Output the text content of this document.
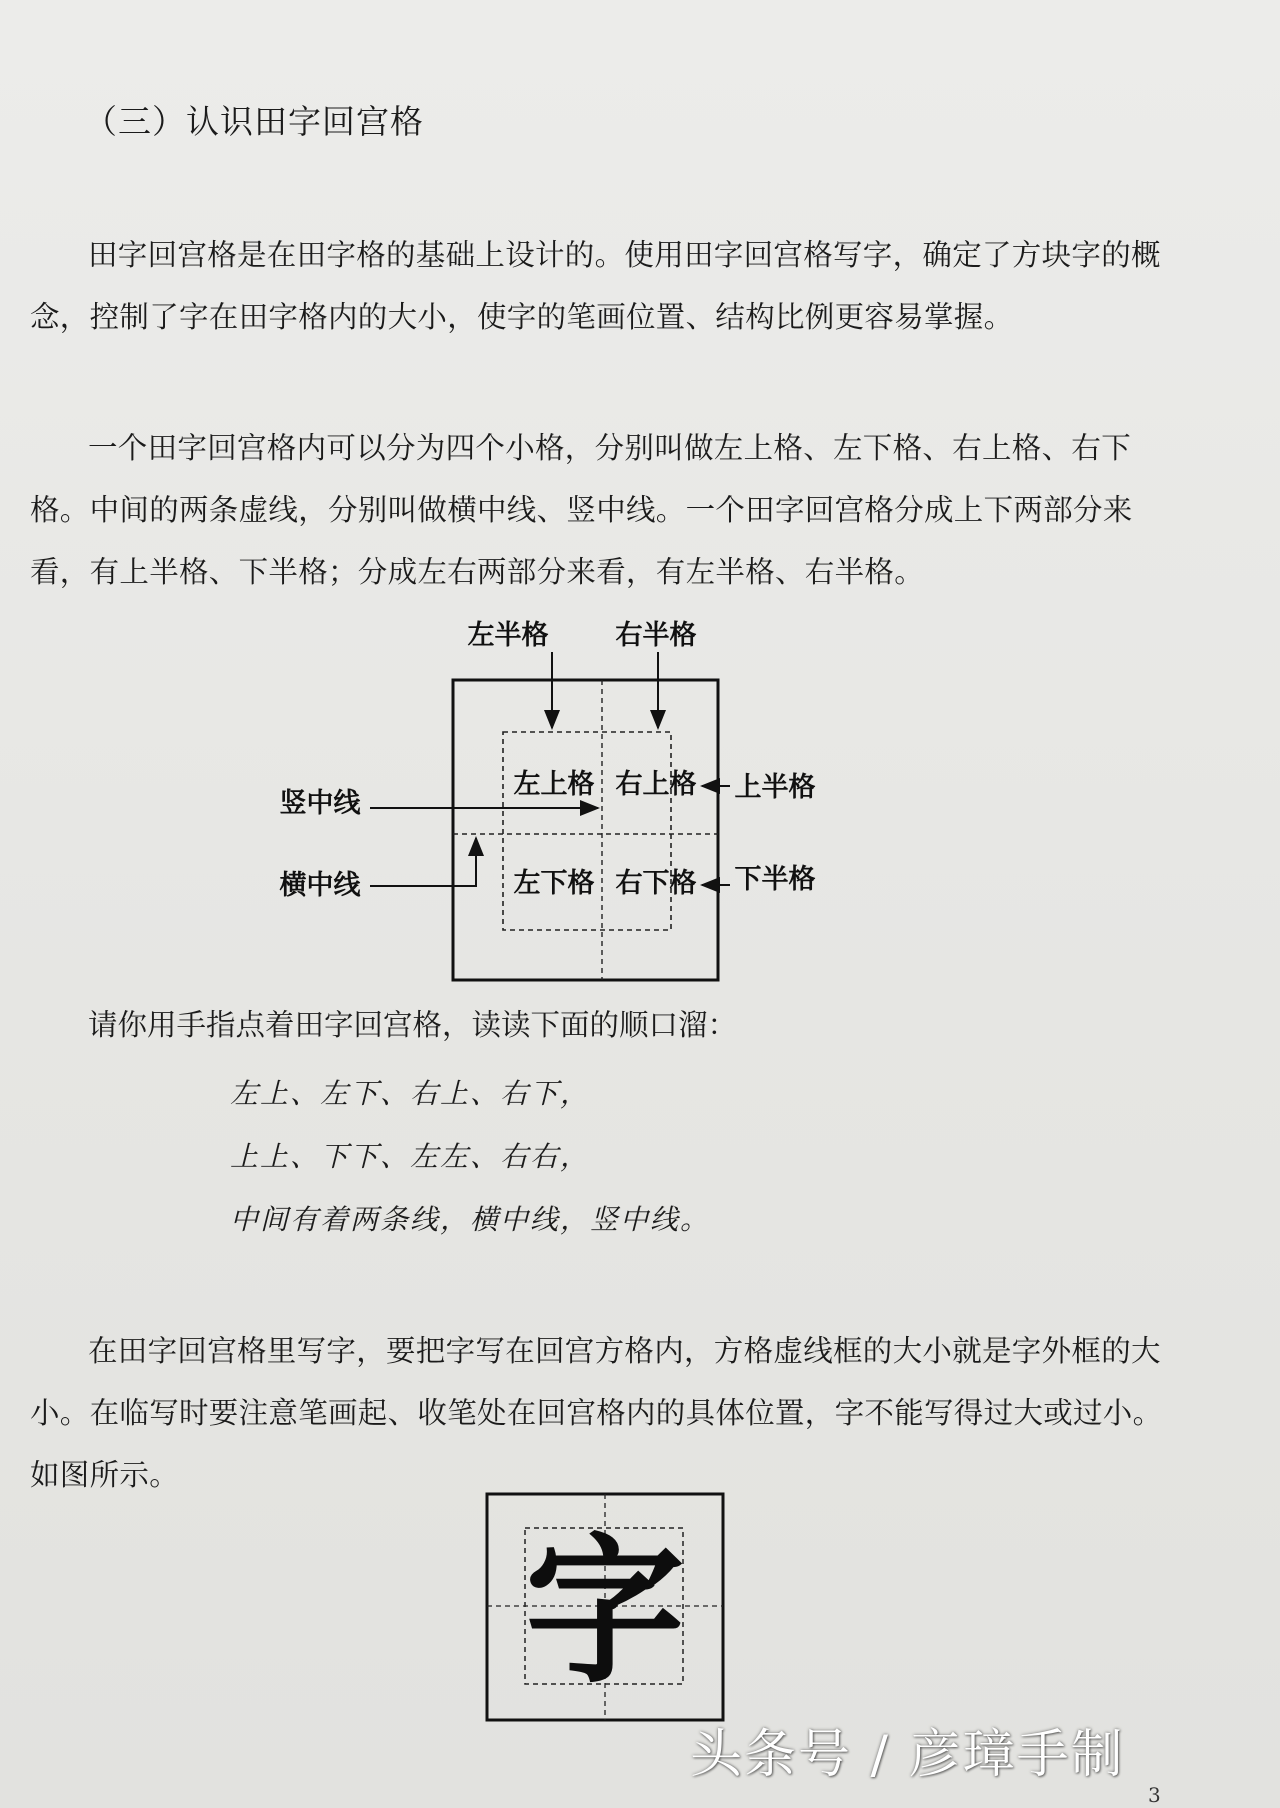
（三）认识田字回宫格

田字回宫格是在田字格的基础上设计的。使用田字回宫格写字，确定了方块字的概念，控制了字在田字格内的大小，使字的笔画位置、结构比例更容易掌握。

一个田字回宫格内可以分为四个小格，分别叫做左上格、左下格、右上格、右下格。中间的两条虚线，分别叫做横中线、竖中线。一个田字回宫格分成上下两部分来看，有上半格、下半格；分成左右两部分来看，有左半格、右半格。

左半格 右半格
左上格 右上格
左下格 右下格
竖中线
横中线
上半格
下半格
请你用手指点着田字回宫格，读读下面的顺口溜：
左上、左下、右上、右下，
上上、下下、左左、右右，
中间有着两条线，横中线，竖中线。

在田字回宫格里写字，要把字写在回宫方格内，方格虚线框的大小就是字外框的大小。在临写时要注意笔画起、收笔处在回宫格内的具体位置，字不能写得过大或过小。如图所示。

字
头条号 / 彦璋手制
3
